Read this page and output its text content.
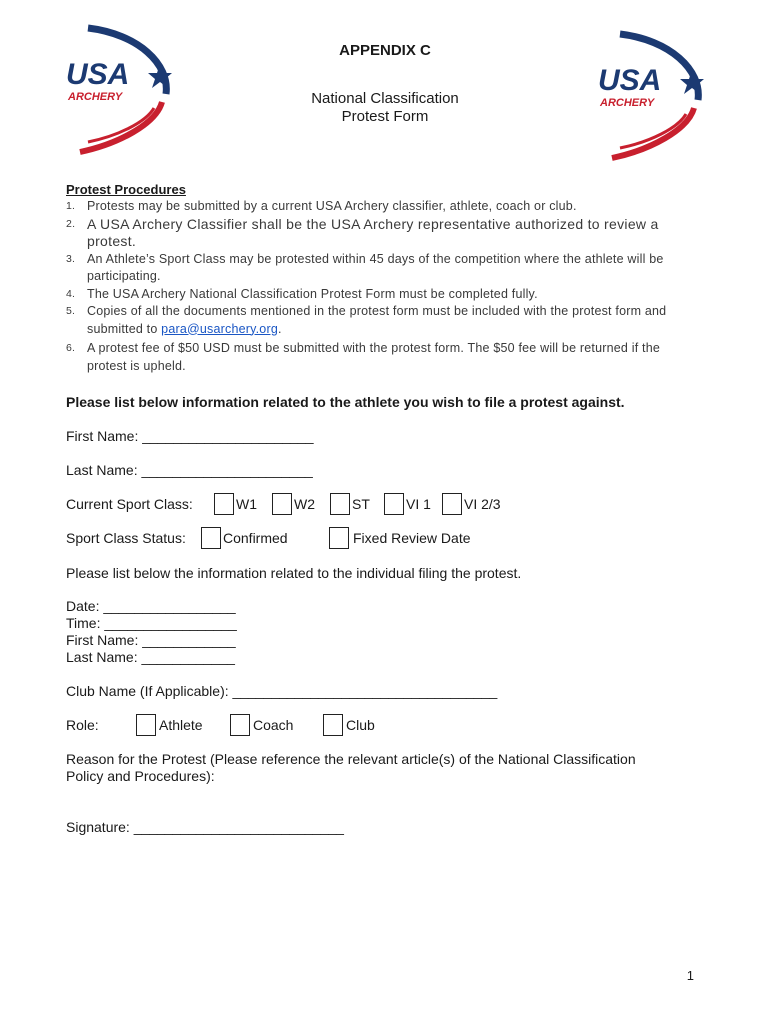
USA
ARCHERY	USA
ARCHERY
APPENDIX C
National Classification
Protest Form
Protest Procedures
1. Protests may be submitted by a current USA Archery classifier, athlete, coach or club.
2. A USA Archery Classifier shall be the USA Archery representative authorized to review a protest.
3. An Athlete’s Sport Class may be protested within 45 days of the competition where the athlete will be participating.
4. The USA Archery National Classification Protest Form must be completed fully.
5. Copies of all the documents mentioned in the protest form must be included with the protest form and submitted to para@usarchery.org.
6. A protest fee of $50 USD must be submitted with the protest form. The $50 fee will be returned if the protest is upheld.
Please list below information related to the athlete you wish to file a protest against.
First Name: ______________________
Last Name: ______________________
Current Sport Class:	W1	W2	ST	VI 1 VI 2/3
Sport Class Status:	Confirmed	Fixed Review Date
Please list below the information related to the individual filing the protest.
Date: _________________
Time: _________________
First Name: ____________
Last Name: ____________
Club Name (If Applicable): __________________________________
Role:	Athlete	Coach	Club
Reason for the Protest (Please reference the relevant article(s) of the National Classification
Policy and Procedures):
Signature: ___________________________
1
